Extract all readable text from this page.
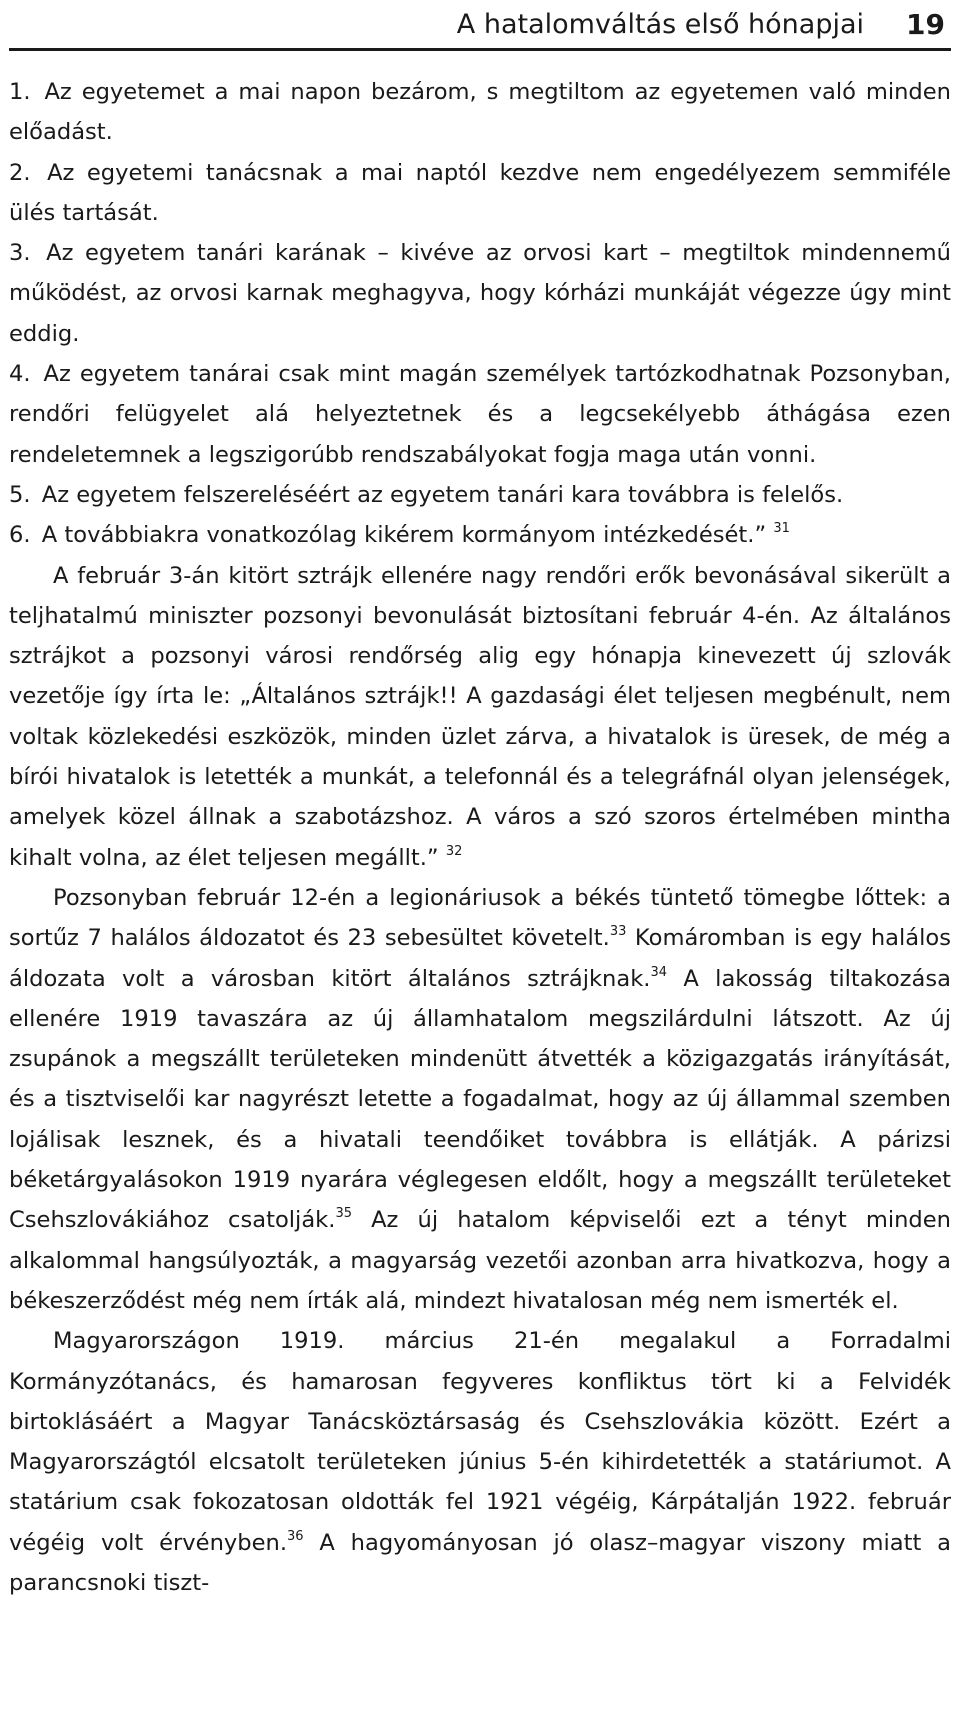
A hatalomváltás első hónapjai 19
1. Az egyetemet a mai napon bezárom, s megtiltom az egyetemen való minden előadást.
2. Az egyetemi tanácsnak a mai naptól kezdve nem engedélyezem semmiféle ülés tartását.
3. Az egyetem tanári karának – kivéve az orvosi kart – megtiltok mindennemű működést, az orvosi karnak meghagyva, hogy kórházi munkáját végezze úgy mint eddig.
4. Az egyetem tanárai csak mint magán személyek tartózkodhatnak Pozsonyban, rendőri felügyelet alá helyeztetnek és a legcsekélyebb áthágása ezen rendeletemnek a legszigorúbb rendszabályokat fogja maga után vonni.
5. Az egyetem felszereléséért az egyetem tanári kara továbbra is felelős.
6. A továbbiakra vonatkozólag kikérem kormányom intézkedését.” $^{31}$

A február 3-án kitört sztrájk ellenére nagy rendőri erők bevonásával sikerült a teljhatalmú miniszter pozsonyi bevonulását biztosítani február 4-én. Az általános sztrájkot a pozsonyi városi rendőrség alig egy hónapja kinevezett új szlovák vezetője így írta le: „Általános sztrájk!! A gazdasági élet teljesen megbénult, nem voltak közlekedési eszközök, minden üzlet zárva, a hivatalok is üresek, de még a bírói hivatalok is letették a munkát, a telefonnál és a telegráfnál olyan jelenségek, amelyek közel állnak a szabotázshoz. A város a szó szoros értelmében mintha kihalt volna, az élet teljesen megállt.” $^{32}$

Pozsonyban február 12-én a legionáriusok a békés tüntető tömegbe lőttek: a sortűz 7 halálos áldozatot és 23 sebesültet követelt.$^{33}$ Komáromban is egy halálos áldozata volt a városban kitört általános sztrájknak.$^{34}$ A lakosság tiltakozása ellenére 1919 tavaszára az új államhatalom megszilárdulni látszott. Az új zsupánok a megszállt területeken mindenütt átvették a közigazgatás irányítását, és a tisztviselői kar nagyrészt letette a fogadalmat, hogy az új állammal szemben lojálisak lesznek, és a hivatali teendőiket továbbra is ellátják. A párizsi béketárgyalásokon 1919 nyarára véglegesen eldőlt, hogy a megszállt területeket Csehszlovákiához csatolják.$^{35}$ Az új hatalom képviselői ezt a tényt minden alkalommal hangsúlyozták, a magyarság vezetői azonban arra hivatkozva, hogy a békeszerződést még nem írták alá, mindezt hivatalosan még nem ismerték el.

Magyarországon 1919. március 21-én megalakul a Forradalmi Kormányzótanács, és hamarosan fegyveres konfliktus tört ki a Felvidék birtoklásáért a Magyar Tanácsköztársaság és Csehszlovákia között. Ezért a Magyarországtól elcsatolt területeken június 5-én kihirdetették a statáriumot. A statárium csak fokozatosan oldották fel 1921 végéig, Kárpátalján 1922. február végéig volt érvényben.$^{36}$ A hagyományosan jó olasz–magyar viszony miatt a parancsnoki tiszt-
